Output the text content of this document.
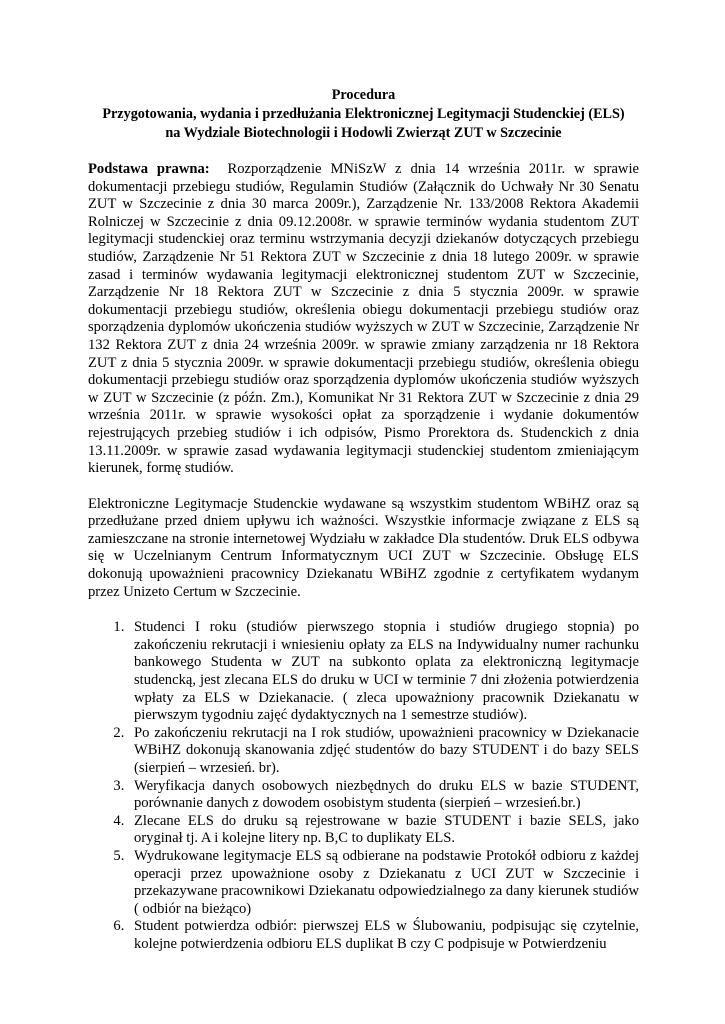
Procedura
Przygotowania, wydania i przedłużania Elektronicznej Legitymacji Studenckiej (ELS)
na Wydziale Biotechnologii i Hodowli Zwierząt ZUT w Szczecinie

Podstawa prawna: Rozporządzenie MNiSzW z dnia 14 września 2011r. w sprawie dokumentacji przebiegu studiów, Regulamin Studiów (Załącznik do Uchwały Nr 30 Senatu ZUT w Szczecinie z dnia 30 marca 2009r.), Zarządzenie Nr. 133/2008 Rektora Akademii Rolniczej w Szczecinie z dnia 09.12.2008r. w sprawie terminów wydania studentom ZUT legitymacji studenckiej oraz terminu wstrzymania decyzji dziekanów dotyczących przebiegu studiów, Zarządzenie Nr 51 Rektora ZUT w Szczecinie z dnia 18 lutego 2009r. w sprawie zasad i terminów wydawania legitymacji elektronicznej studentom ZUT w Szczecinie, Zarządzenie Nr 18 Rektora ZUT w Szczecinie z dnia 5 stycznia 2009r. w sprawie dokumentacji przebiegu studiów, określenia obiegu dokumentacji przebiegu studiów oraz sporządzenia dyplomów ukończenia studiów wyższych w ZUT w Szczecinie, Zarządzenie Nr 132 Rektora ZUT z dnia 24 września 2009r. w sprawie zmiany zarządzenia nr 18 Rektora ZUT z dnia 5 stycznia 2009r. w sprawie dokumentacji przebiegu studiów, określenia obiegu dokumentacji przebiegu studiów oraz sporządzenia dyplomów ukończenia studiów wyższych w ZUT w Szczecinie (z późn. Zm.), Komunikat Nr 31 Rektora ZUT w Szczecinie z dnia 29 września 2011r. w sprawie wysokości opłat za sporządzenie i wydanie dokumentów rejestrujących przebieg studiów i ich odpisów, Pismo Prorektora ds. Studenckich z dnia 13.11.2009r. w sprawie zasad wydawania legitymacji studenckiej studentom zmieniającym kierunek, formę studiów.

Elektroniczne Legitymacje Studenckie wydawane są wszystkim studentom WBiHZ oraz są przedłużane przed dniem upływu ich ważności. Wszystkie informacje związane z ELS są zamieszczane na stronie internetowej Wydziału w zakładce Dla studentów. Druk ELS odbywa się w Uczelnianym Centrum Informatycznym UCI ZUT w Szczecinie. Obsługę ELS dokonują upoważnieni pracownicy Dziekanatu WBiHZ zgodnie z certyfikatem wydanym przez Unizeto Certum w Szczecinie.

1. Studenci I roku (studiów pierwszego stopnia i studiów drugiego stopnia) po zakończeniu rekrutacji i wniesieniu opłaty za ELS na Indywidualny numer rachunku bankowego Studenta w ZUT na subkonto oplata za elektroniczną legitymacje studencką, jest zlecana ELS do druku w UCI w terminie 7 dni złożenia potwierdzenia wpłaty za ELS w Dziekanacie. ( zleca upoważniony pracownik Dziekanatu w pierwszym tygodniu zajęć dydaktycznych na 1 semestrze studiów).
2. Po zakończeniu rekrutacji na I rok studiów, upoważnieni pracownicy w Dziekanacie WBiHZ dokonują skanowania zdjęć studentów do bazy STUDENT i do bazy SELS (sierpień – wrzesień. br).
3. Weryfikacja danych osobowych niezbędnych do druku ELS w bazie STUDENT, porównanie danych z dowodem osobistym studenta (sierpień – wrzesień.br.)
4. Zlecane ELS do druku są rejestrowane w bazie STUDENT i bazie SELS, jako oryginał tj. A i kolejne litery np. B,C to duplikaty ELS.
5. Wydrukowane legitymacje ELS są odbierane na podstawie Protokół odbioru z każdej operacji przez upoważnione osoby z Dziekanatu z UCI ZUT w Szczecinie i przekazywane pracownikowi Dziekanatu odpowiedzialnego za dany kierunek studiów ( odbiór na bieżąco)
6. Student potwierdza odbiór: pierwszej ELS w Ślubowaniu, podpisując się czytelnie, kolejne potwierdzenia odbioru ELS duplikat B czy C podpisuje w Potwierdzeniu
